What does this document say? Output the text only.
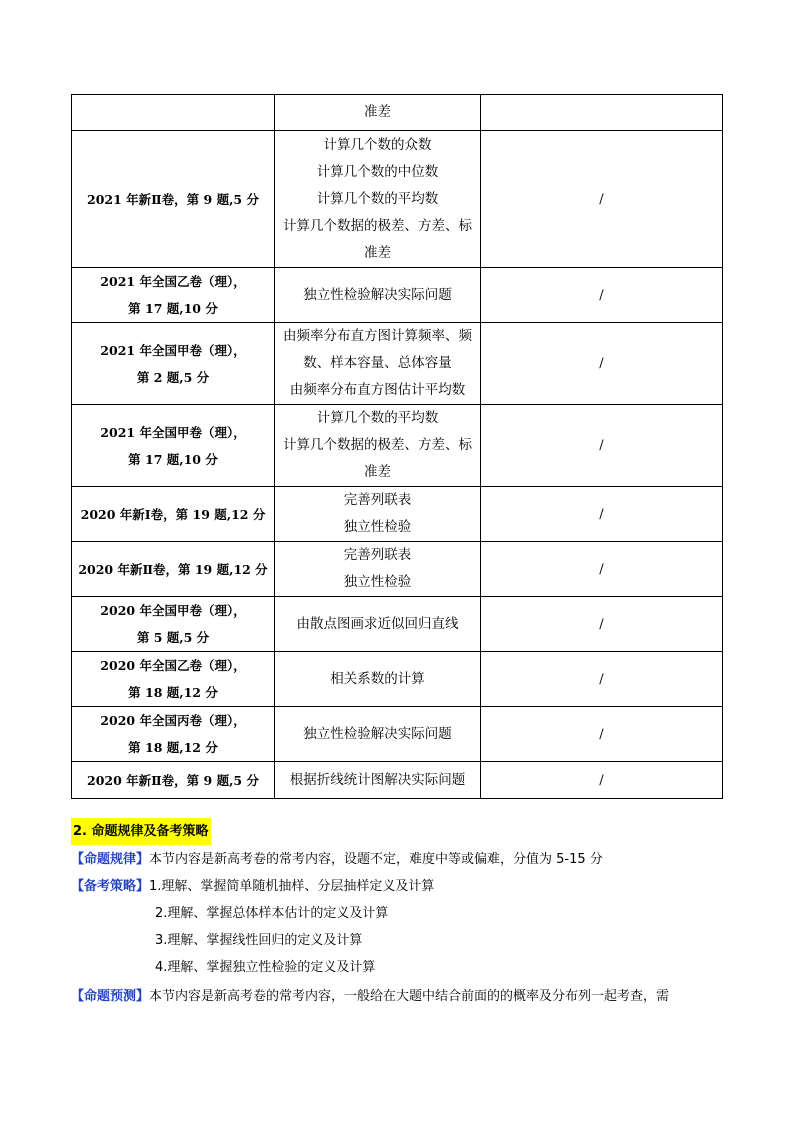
	准差	

2021 年新Ⅱ卷，第 9 题,5 分	计算几个数的众数
计算几个数的中位数
计算几个数的平均数
计算几个数据的极差、方差、标
准差	/

2021 年全国乙卷（理），
第 17 题,10 分	独立性检验解决实际问题	/

2021 年全国甲卷（理），
第 2 题,5 分	由频率分布直方图计算频率、频
数、样本容量、总体容量
由频率分布直方图估计平均数	/

2021 年全国甲卷（理），
第 17 题,10 分	计算几个数的平均数
计算几个数据的极差、方差、标
准差	/

2020 年新Ⅰ卷，第 19 题,12 分	完善列联表
独立性检验	/

2020 年新Ⅱ卷，第 19 题,12 分	完善列联表
独立性检验	/

2020 年全国甲卷（理），
第 5 题,5 分	由散点图画求近似回归直线	/

2020 年全国乙卷（理），
第 18 题,12 分	相关系数的计算	/

2020 年全国丙卷（理），
第 18 题,12 分	独立性检验解决实际问题	/

2020 年新Ⅱ卷，第 9 题,5 分	根据折线统计图解决实际问题	/
2. 命题规律及备考策略
【命题规律】本节内容是新高考卷的常考内容，设题不定，难度中等或偏难，分值为 5-15 分
【备考策略】1.理解、掌握简单随机抽样、分层抽样定义及计算
2.理解、掌握总体样本估计的定义及计算
3.理解、掌握线性回归的定义及计算
4.理解、掌握独立性检验的定义及计算
【命题预测】本节内容是新高考卷的常考内容，一般给在大题中结合前面的的概率及分布列一起考查，需
